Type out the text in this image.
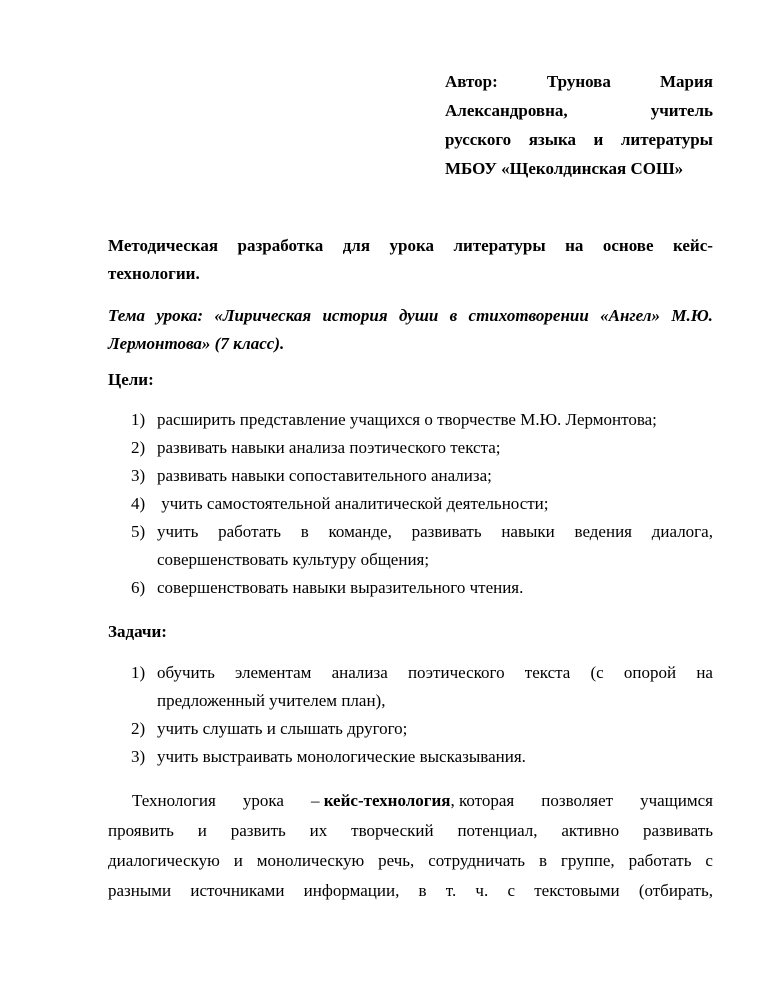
Автор:	Трунова	Мария
Александровна,	учитель
русского языка и литературы
МБОУ «Щеколдинская СОШ»
Методическая разработка для урока литературы на основе кейс-
технологии.
Тема урока: «Лирическая история души в стихотворении «Ангел» М.Ю.
Лермонтова» (7 класс).
Цели:
1) расширить представление учащихся о творчестве М.Ю. Лермонтова;
2) развивать навыки анализа поэтического текста;
3) развивать навыки сопоставительного анализа;
4) учить самостоятельной аналитической деятельности;
5) учить работать в команде, развивать навыки ведения диалога,
совершенствовать культуру общения;
6) совершенствовать навыки выразительного чтения.
Задачи:
1) обучить элементам анализа поэтического текста (с опорой на
предложенный учителем план),
2) учить слушать и слышать другого;
3) учить выстраивать монологические высказывания.
Технология урока – кейс-технология, которая позволяет учащимся
проявить и развить их творческий потенциал, активно развивать
диалогическую и монолическую речь, сотрудничать в группе, работать с
разными источниками информации, в т. ч. с текстовыми (отбирать,
